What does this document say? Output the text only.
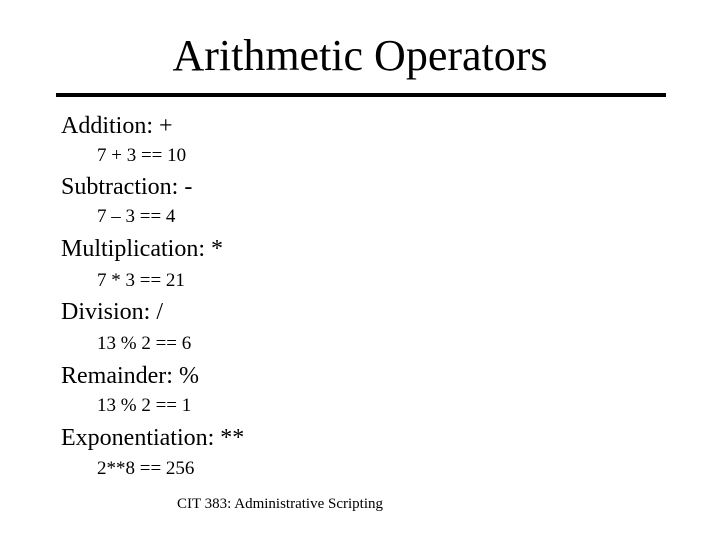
Arithmetic Operators
Addition: +
7 + 3 == 10
Subtraction: -
7 – 3 == 4
Multiplication: *
7 * 3 == 21
Division: /
13 % 2 == 6
Remainder: %
13 % 2 == 1
Exponentiation: **
2**8 == 256
CIT 383: Administrative Scripting
